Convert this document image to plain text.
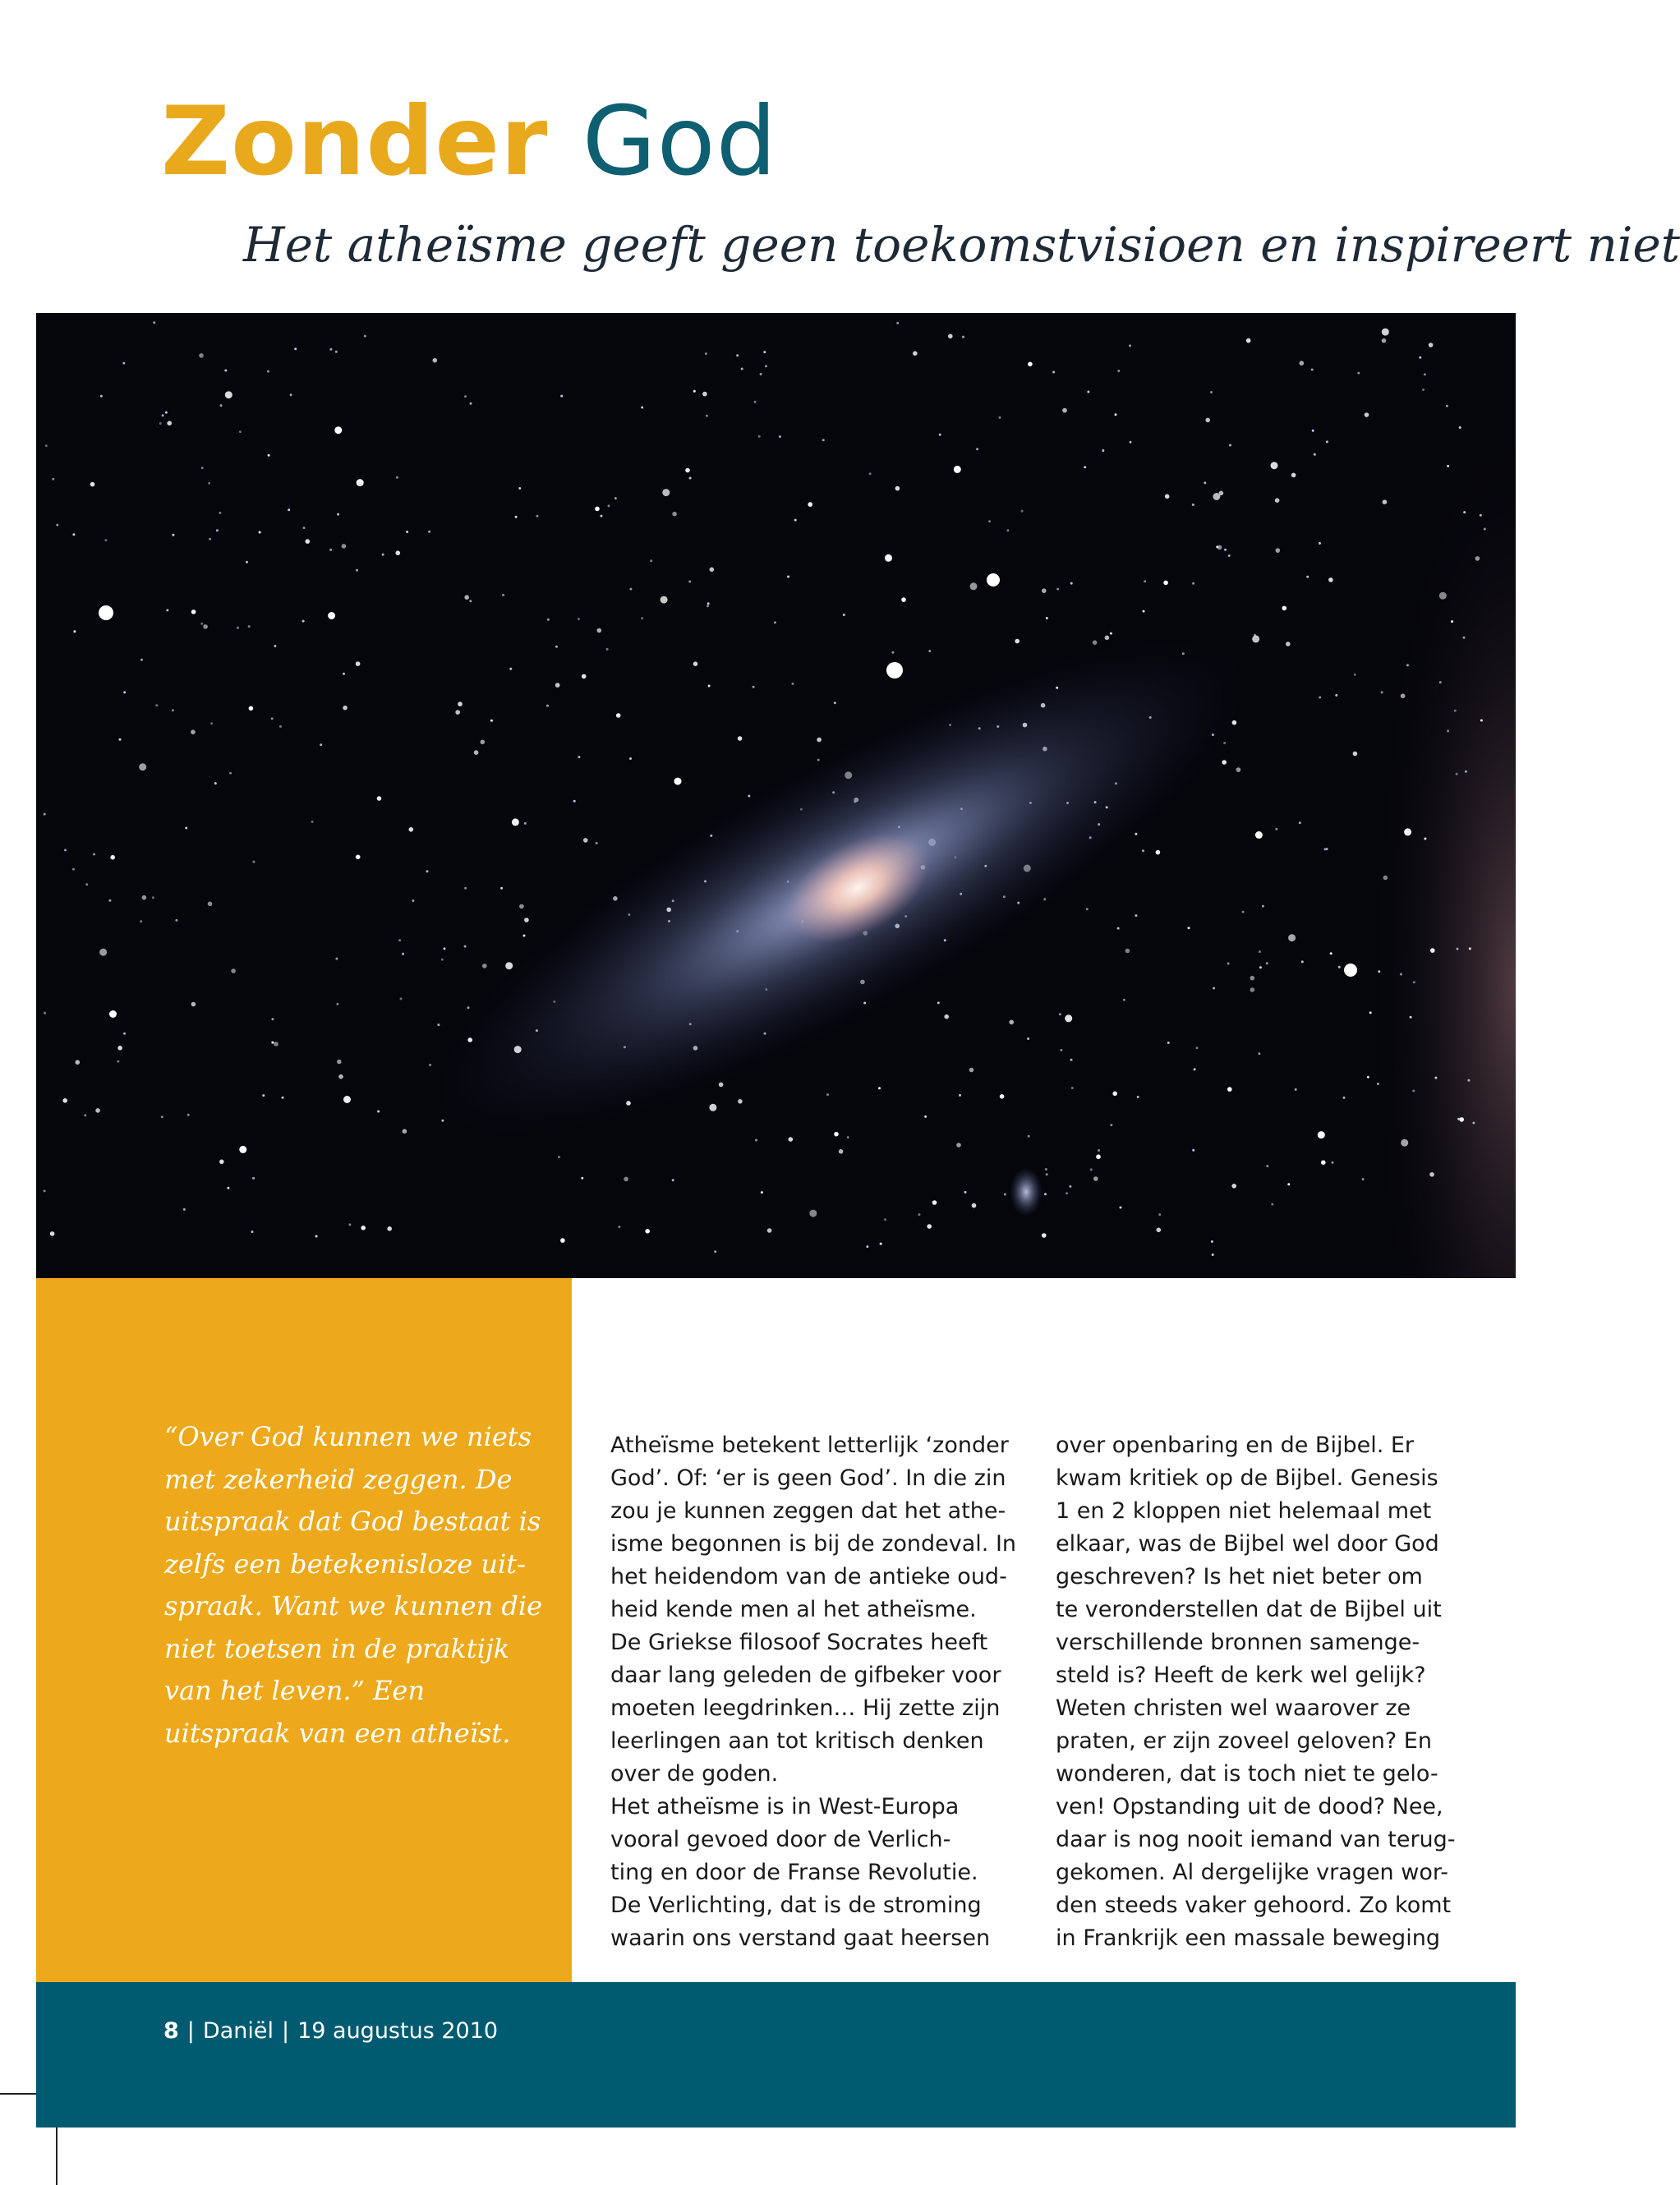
Zonder God

Het atheïsme geeft geen toekomstvisioen en inspireert niet

“Over God kunnen we niets met zekerheid zeggen. De uitspraak dat God bestaat is zelfs een betekenisloze uit-spraak. Want we kunnen die niet toetsen in de praktijk van het leven.” Een uitspraak van een atheïst.

Atheïsme betekent letterlijk ‘zonder
God’. Of: ‘er is geen God’. In die zin
zou je kunnen zeggen dat het athe-
isme begonnen is bij de zondeval. In
het heidendom van de antieke oud-
heid kende men al het atheïsme.
De Griekse filosoof Socrates heeft
daar lang geleden de gifbeker voor
moeten leegdrinken… Hij zette zijn
leerlingen aan tot kritisch denken
over de goden.
Het atheïsme is in West-Europa
vooral gevoed door de Verlich-
ting en door de Franse Revolutie.
De Verlichting, dat is de stroming
waarin ons verstand gaat heersen
over openbaring en de Bijbel. Er
kwam kritiek op de Bijbel. Genesis
1 en 2 kloppen niet helemaal met
elkaar, was de Bijbel wel door God
geschreven? Is het niet beter om
te veronderstellen dat de Bijbel uit
verschillende bronnen samenge-
steld is? Heeft de kerk wel gelijk?
Weten christen wel waarover ze
praten, er zijn zoveel geloven? En
wonderen, dat is toch niet te gelo-
ven! Opstanding uit de dood? Nee,
daar is nog nooit iemand van terug-
gekomen. Al dergelijke vragen wor-
den steeds vaker gehoord. Zo komt
in Frankrijk een massale beweging
8 | Daniël | 19 augustus 2010
